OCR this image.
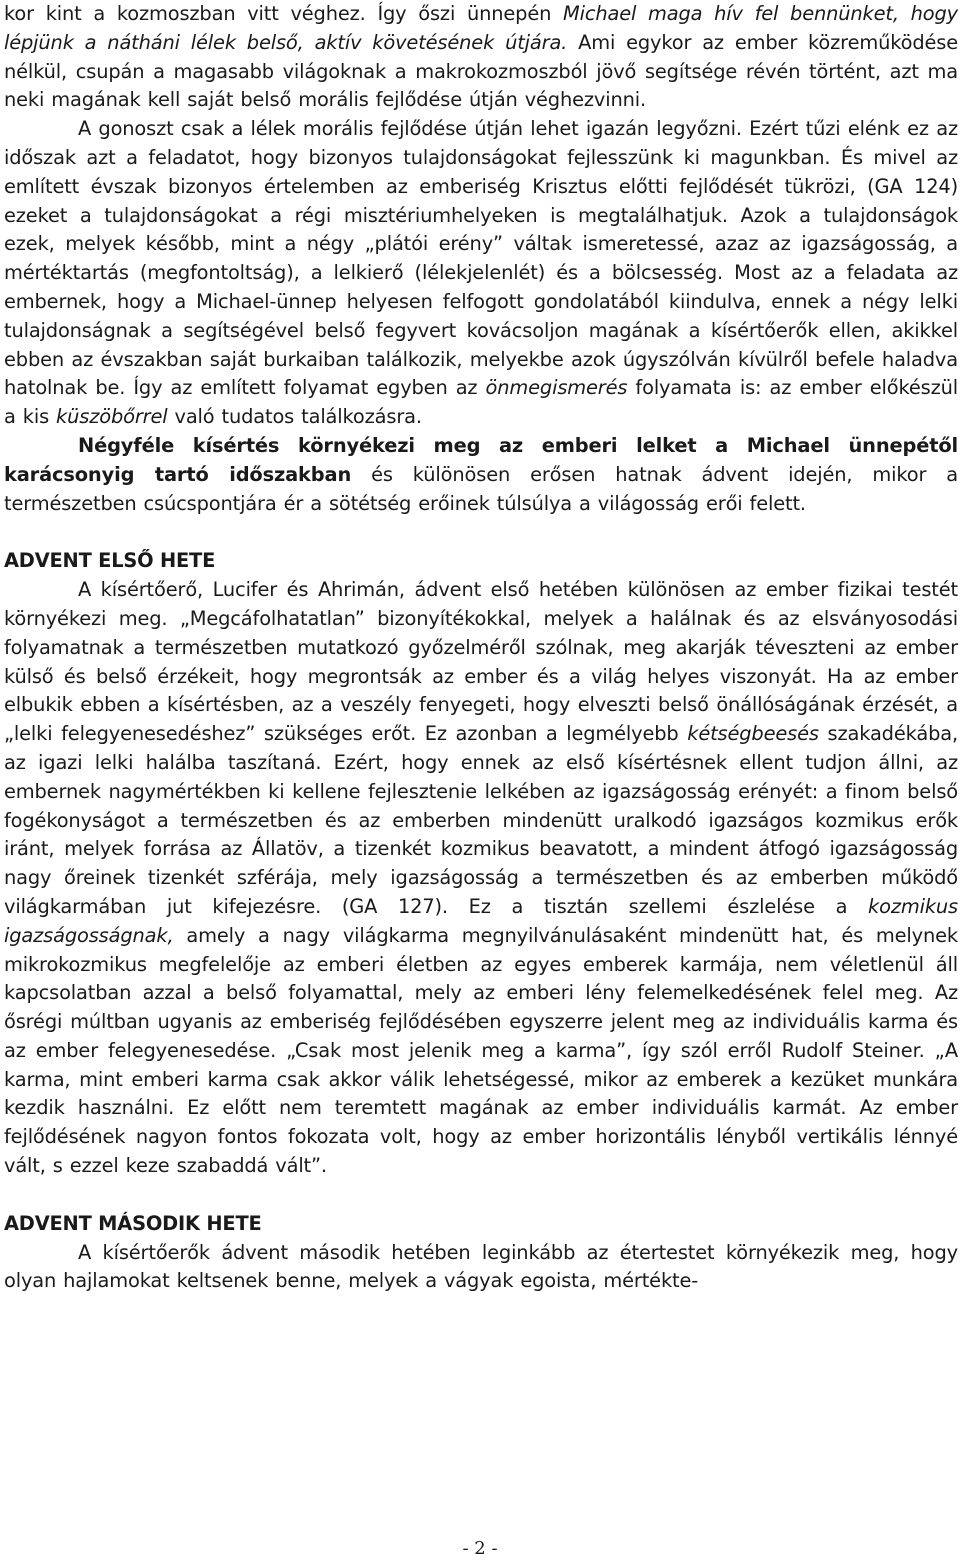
kor kint a kozmoszban vitt véghez. Így őszi ünnepén Michael maga hív fel bennünket, hogy lépjünk a nátháni lélek belső, aktív követésének útjára. Ami egykor az ember közreműködése nélkül, csupán a magasabb világoknak a makrokozmoszból jövő segítsége révén történt, azt ma neki magának kell saját belső morális fejlődése útján véghezvinni.

A gonoszt csak a lélek morális fejlődése útján lehet igazán legyőzni. Ezért tűzi elénk ez az időszak azt a feladatot, hogy bizonyos tulajdonságokat fejlesszünk ki magunkban. És mivel az említett évszak bizonyos értelemben az emberiség Krisztus előtti fejlődését tükrözi, (GA 124) ezeket a tulajdonságokat a régi misztériumhelyeken is megtalálhatjuk. Azok a tulajdonságok ezek, melyek később, mint a négy „plátói erény” váltak ismeretessé, azaz az igazságosság, a mértéktartás (megfontoltság), a lelkierő (lélekjelenlét) és a bölcsesség. Most az a feladata az embernek, hogy a Michael-ünnep helyesen felfogott gondolatából kiindulva, ennek a négy lelki tulajdonságnak a segítségével belső fegyvert kovácsoljon magának a kísértőerők ellen, akikkel ebben az évszakban saját burkaiban találkozik, melyekbe azok úgyszólván kívülről befele haladva hatolnak be. Így az említett folyamat egyben az önmegismerés folyamata is: az ember előkészül a kis küszöbőrrel való tudatos találkozásra.

Négyféle kísértés környékezi meg az emberi lelket a Michael ünnepétől karácsonyig tartó időszakban és különösen erősen hatnak ádvent idején, mikor a természetben csúcspontjára ér a sötétség erőinek túlsúlya a világosság erői felett.

ADVENT ELSŐ HETE

A kísértőerő, Lucifer és Ahrimán, ádvent első hetében különösen az ember fizikai testét környékezi meg. „Megcáfolhatatlan” bizonyítékokkal, melyek a halálnak és az elsványosodási folyamatnak a természetben mutatkozó győzelméről szólnak, meg akarják téveszteni az ember külső és belső érzékeit, hogy megrontsák az ember és a világ helyes viszonyát. Ha az ember elbukik ebben a kísértésben, az a veszély fenyegeti, hogy elveszti belső önállóságának érzését, a „lelki felegyenesedéshez” szükséges erőt. Ez azonban a legmélyebb kétségbeesés szakadékába, az igazi lelki halálba taszítaná. Ezért, hogy ennek az első kísértésnek ellent tudjon állni, az embernek nagymértékben ki kellene fejlesztenie lelkében az igazságosság erényét: a finom belső fogékonyságot a természetben és az emberben mindenütt uralkodó igazságos kozmikus erők iránt, melyek forrása az Állatöv, a tizenkét kozmikus beavatott, a mindent átfogó igazságosság nagy őreinek tizenkét szférája, mely igazságosság a természetben és az emberben működő világkarmában jut kifejezésre. (GA 127). Ez a tisztán szellemi észlelése a kozmikus igazságosságnak, amely a nagy világkarma megnyilvánulásaként mindenütt hat, és melynek mikrokozmikus megfelelője az emberi életben az egyes emberek karmája, nem véletlenül áll kapcsolatban azzal a belső folyamattal, mely az emberi lény felemelkedésének felel meg. Az ősrégi múltban ugyanis az emberiség fejlődésében egyszerre jelent meg az individuális karma és az ember felegyenesedése. „Csak most jelenik meg a karma”, így szól erről Rudolf Steiner. „A karma, mint emberi karma csak akkor válik lehetségessé, mikor az emberek a kezüket munkára kezdik használni. Ez előtt nem teremtett magának az ember individuális karmát. Az ember fejlődésének nagyon fontos fokozata volt, hogy az ember horizontális lényből vertikális lénnyé vált, s ezzel keze szabaddá vált”.

ADVENT MÁSODIK HETE

A kísértőerők ádvent második hetében leginkább az étertestet környékezik meg, hogy olyan hajlamokat keltsenek benne, melyek a vágyak egoista, mértékte-

- 2 -
